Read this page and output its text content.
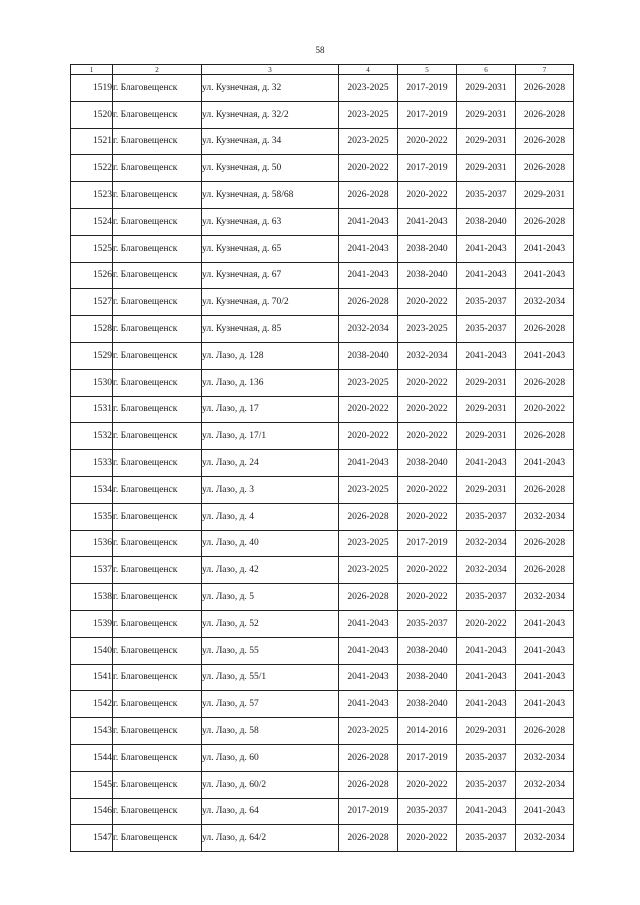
58
1	2	3	4	5	6	7
1519	г. Благовещенск	ул. Кузнечная, д. 32	2023-2025	2017-2019	2029-2031	2026-2028
1520	г. Благовещенск	ул. Кузнечная, д. 32/2	2023-2025	2017-2019	2029-2031	2026-2028
1521	г. Благовещенск	ул. Кузнечная, д. 34	2023-2025	2020-2022	2029-2031	2026-2028
1522	г. Благовещенск	ул. Кузнечная, д. 50	2020-2022	2017-2019	2029-2031	2026-2028
1523	г. Благовещенск	ул. Кузнечная, д. 58/68	2026-2028	2020-2022	2035-2037	2029-2031
1524	г. Благовещенск	ул. Кузнечная, д. 63	2041-2043	2041-2043	2038-2040	2026-2028
1525	г. Благовещенск	ул. Кузнечная, д. 65	2041-2043	2038-2040	2041-2043	2041-2043
1526	г. Благовещенск	ул. Кузнечная, д. 67	2041-2043	2038-2040	2041-2043	2041-2043
1527	г. Благовещенск	ул. Кузнечная, д. 70/2	2026-2028	2020-2022	2035-2037	2032-2034
1528	г. Благовещенск	ул. Кузнечная, д. 85	2032-2034	2023-2025	2035-2037	2026-2028
1529	г. Благовещенск	ул. Лазо, д. 128	2038-2040	2032-2034	2041-2043	2041-2043
1530	г. Благовещенск	ул. Лазо, д. 136	2023-2025	2020-2022	2029-2031	2026-2028
1531	г. Благовещенск	ул. Лазо, д. 17	2020-2022	2020-2022	2029-2031	2020-2022
1532	г. Благовещенск	ул. Лазо, д. 17/1	2020-2022	2020-2022	2029-2031	2026-2028
1533	г. Благовещенск	ул. Лазо, д. 24	2041-2043	2038-2040	2041-2043	2041-2043
1534	г. Благовещенск	ул. Лазо, д. 3	2023-2025	2020-2022	2029-2031	2026-2028
1535	г. Благовещенск	ул. Лазо, д. 4	2026-2028	2020-2022	2035-2037	2032-2034
1536	г. Благовещенск	ул. Лазо, д. 40	2023-2025	2017-2019	2032-2034	2026-2028
1537	г. Благовещенск	ул. Лазо, д. 42	2023-2025	2020-2022	2032-2034	2026-2028
1538	г. Благовещенск	ул. Лазо, д. 5	2026-2028	2020-2022	2035-2037	2032-2034
1539	г. Благовещенск	ул. Лазо, д. 52	2041-2043	2035-2037	2020-2022	2041-2043
1540	г. Благовещенск	ул. Лазо, д. 55	2041-2043	2038-2040	2041-2043	2041-2043
1541	г. Благовещенск	ул. Лазо, д. 55/1	2041-2043	2038-2040	2041-2043	2041-2043
1542	г. Благовещенск	ул. Лазо, д. 57	2041-2043	2038-2040	2041-2043	2041-2043
1543	г. Благовещенск	ул. Лазо, д. 58	2023-2025	2014-2016	2029-2031	2026-2028
1544	г. Благовещенск	ул. Лазо, д. 60	2026-2028	2017-2019	2035-2037	2032-2034
1545	г. Благовещенск	ул. Лазо, д. 60/2	2026-2028	2020-2022	2035-2037	2032-2034
1546	г. Благовещенск	ул. Лазо, д. 64	2017-2019	2035-2037	2041-2043	2041-2043
1547	г. Благовещенск	ул. Лазо, д. 64/2	2026-2028	2020-2022	2035-2037	2032-2034
